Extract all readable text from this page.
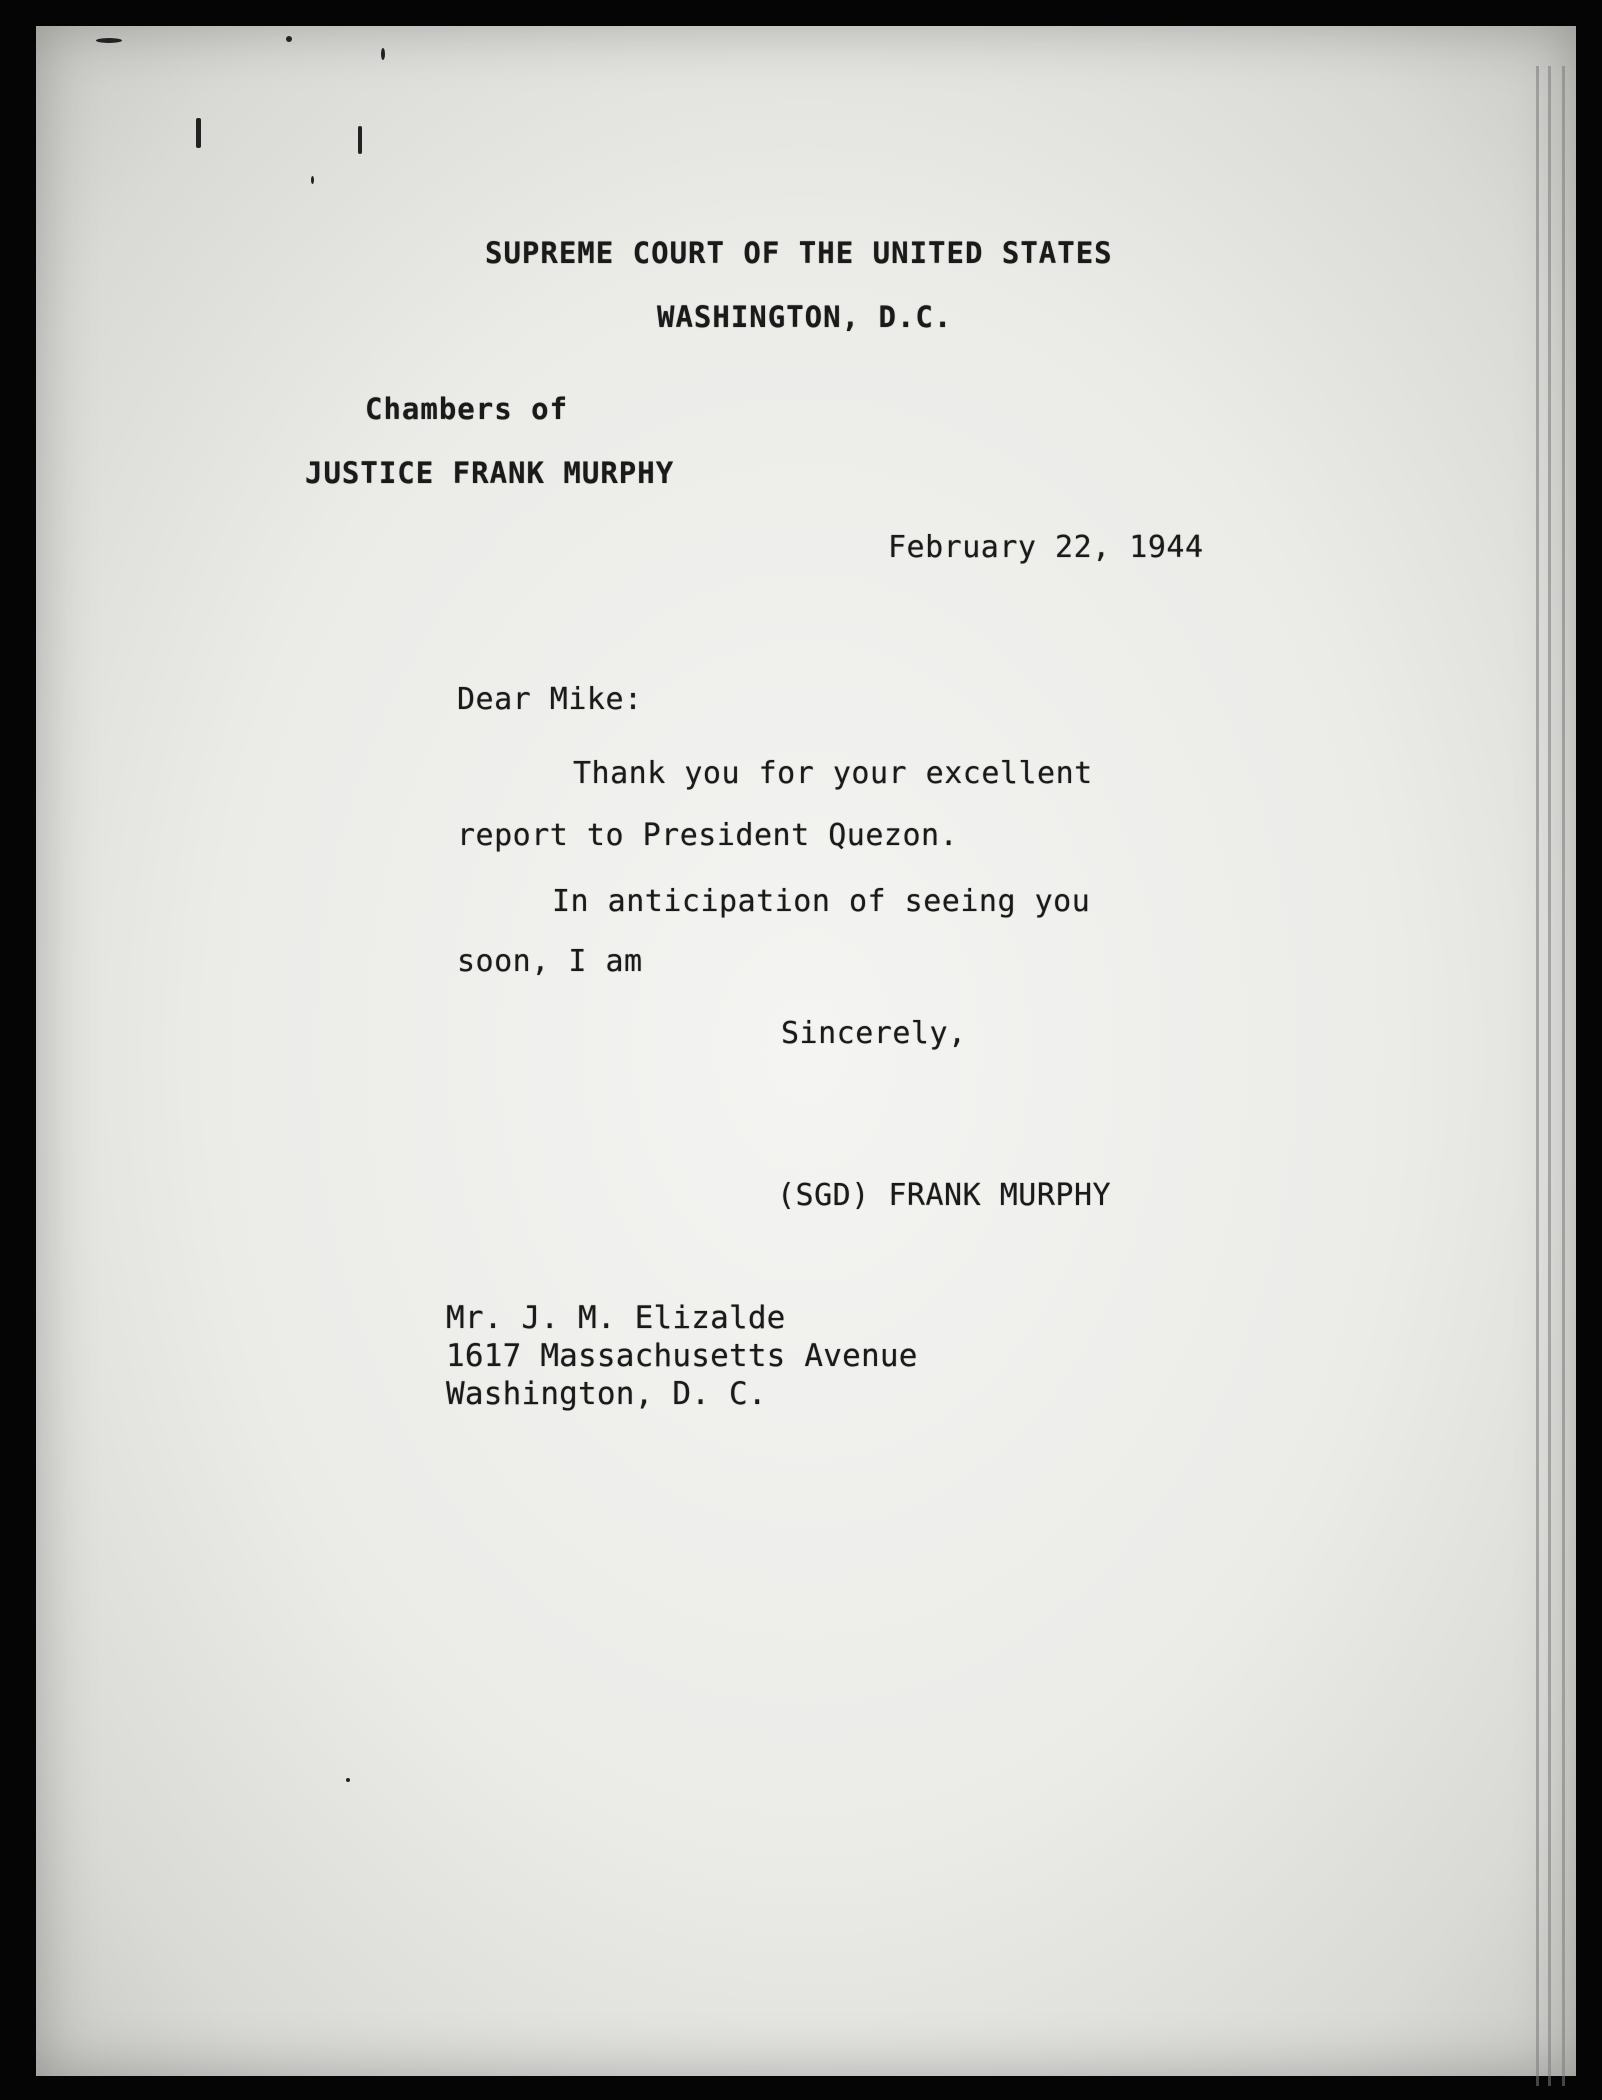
SUPREME COURT OF THE UNITED STATES
WASHINGTON, D.C.
Chambers of
JUSTICE FRANK MURPHY
February 22, 1944
Dear Mike:
Thank you for your excellent
report to President Quezon.
In anticipation of seeing you
soon, I am
Sincerely,
(SGD) FRANK MURPHY
Mr. J. M. Elizalde
1617 Massachusetts Avenue
Washington, D. C.
